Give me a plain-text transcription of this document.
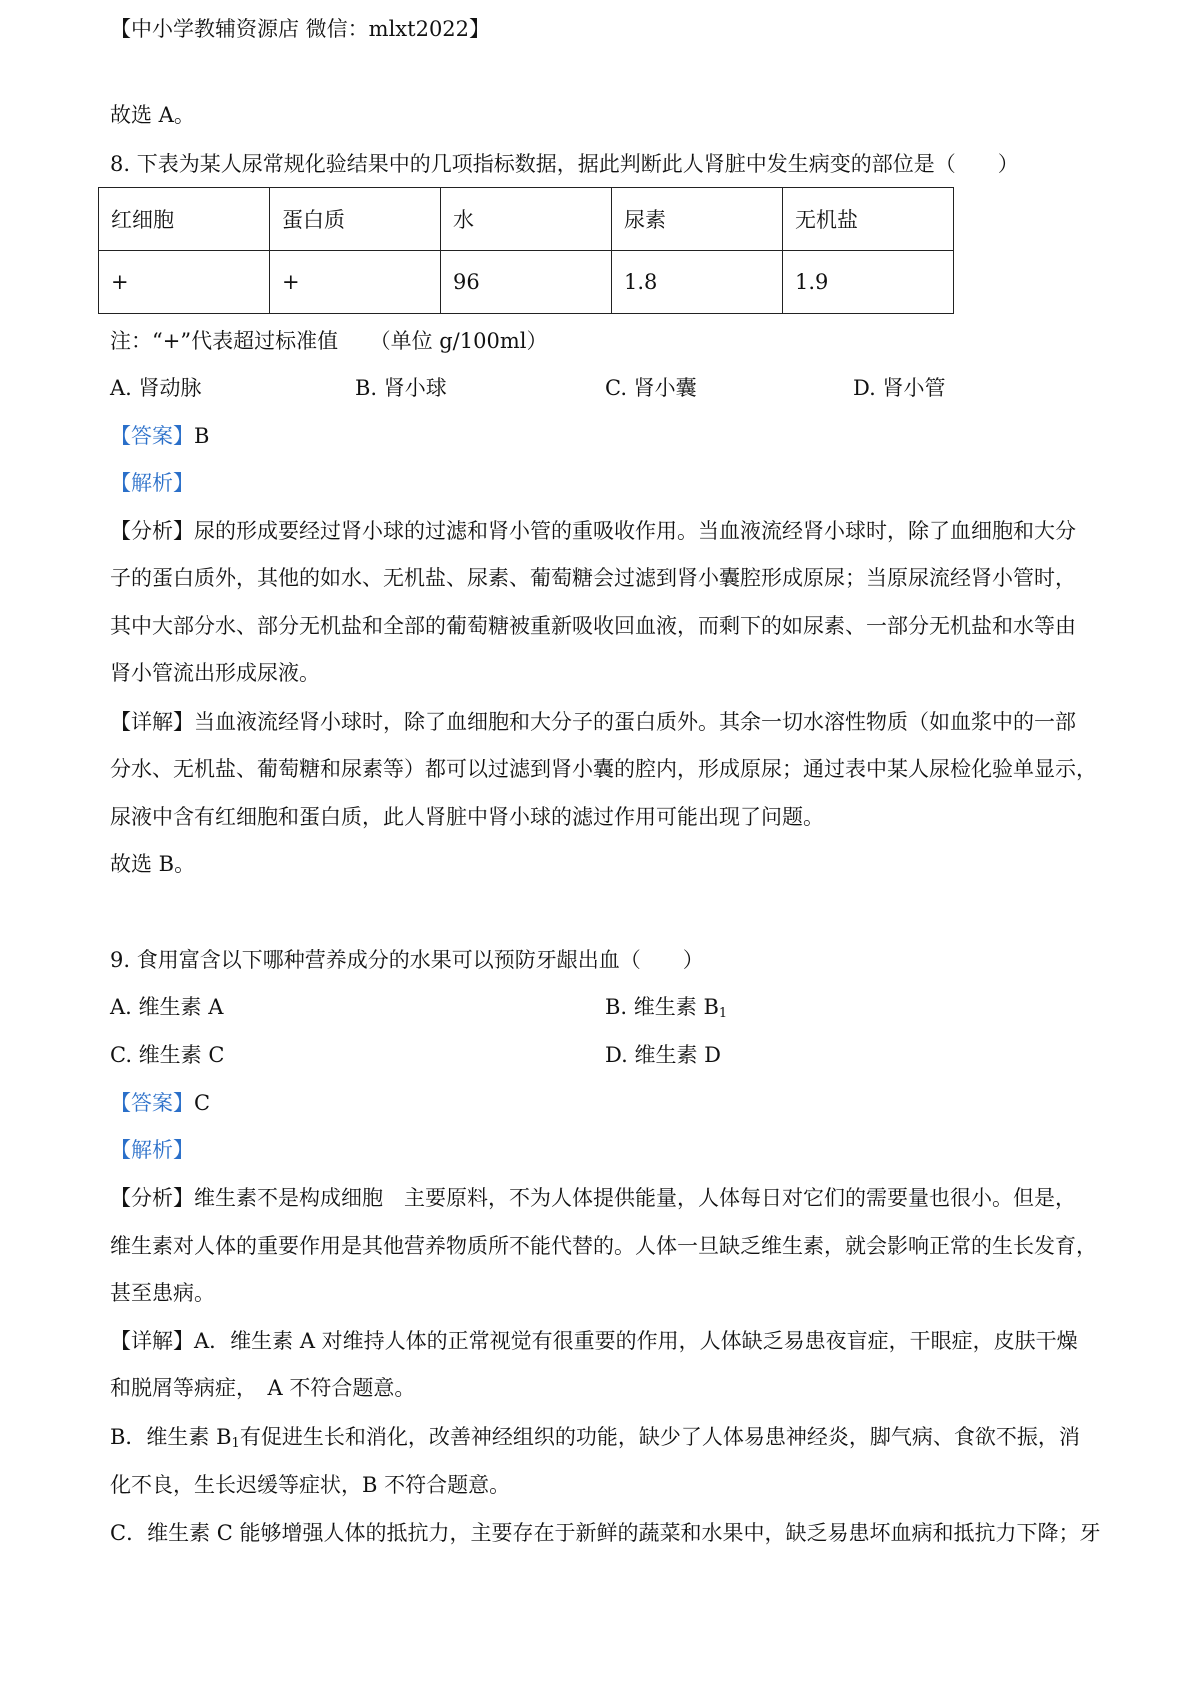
【中小学教辅资源店 微信：mlxt2022】
故选 A。
8. 下表为某人尿常规化验结果中的几项指标数据，据此判断此人肾脏中发生病变的部位是（　　）
红细胞	蛋白质	水	尿素	无机盐
+	+	96	1.8	1.9
注：“+”代表超过标准值　　（单位 g/100ml）
A. 肾动脉	B. 肾小球	C. 肾小囊	D. 肾小管
【答案】B
【解析】
【分析】尿的形成要经过肾小球的过滤和肾小管的重吸收作用。当血液流经肾小球时，除了血细胞和大分
子的蛋白质外，其他的如水、无机盐、尿素、葡萄糖会过滤到肾小囊腔形成原尿；当原尿流经肾小管时，
其中大部分水、部分无机盐和全部的葡萄糖被重新吸收回血液，而剩下的如尿素、一部分无机盐和水等由
肾小管流出形成尿液。
【详解】当血液流经肾小球时，除了血细胞和大分子的蛋白质外。其余一切水溶性物质（如血浆中的一部
分水、无机盐、葡萄糖和尿素等）都可以过滤到肾小囊的腔内，形成原尿；通过表中某人尿检化验单显示，
尿液中含有红细胞和蛋白质，此人肾脏中肾小球的滤过作用可能出现了问题。
故选 B。
9. 食用富含以下哪种营养成分的水果可以预防牙龈出血（　　）
A. 维生素 A	B. 维生素 $B_1$
C. 维生素 C	D. 维生素 D
【答案】C
【解析】
【分析】维生素不是构成细胞　主要原料，不为人体提供能量，人体每日对它们的需要量也很小。但是，
维生素对人体的重要作用是其他营养物质所不能代替的。人体一旦缺乏维生素，就会影响正常的生长发育，
甚至患病。
【详解】A．维生素 A 对维持人体的正常视觉有很重要的作用，人体缺乏易患夜盲症，干眼症，皮肤干燥
和脱屑等病症，　A 不符合题意。
B．维生素 $B_1$有促进生长和消化，改善神经组织的功能，缺少了人体易患神经炎，脚气病、食欲不振，消
化不良，生长迟缓等症状，B 不符合题意。
C．维生素 C 能够增强人体的抵抗力，主要存在于新鲜的蔬菜和水果中，缺乏易患坏血病和抵抗力下降；牙
